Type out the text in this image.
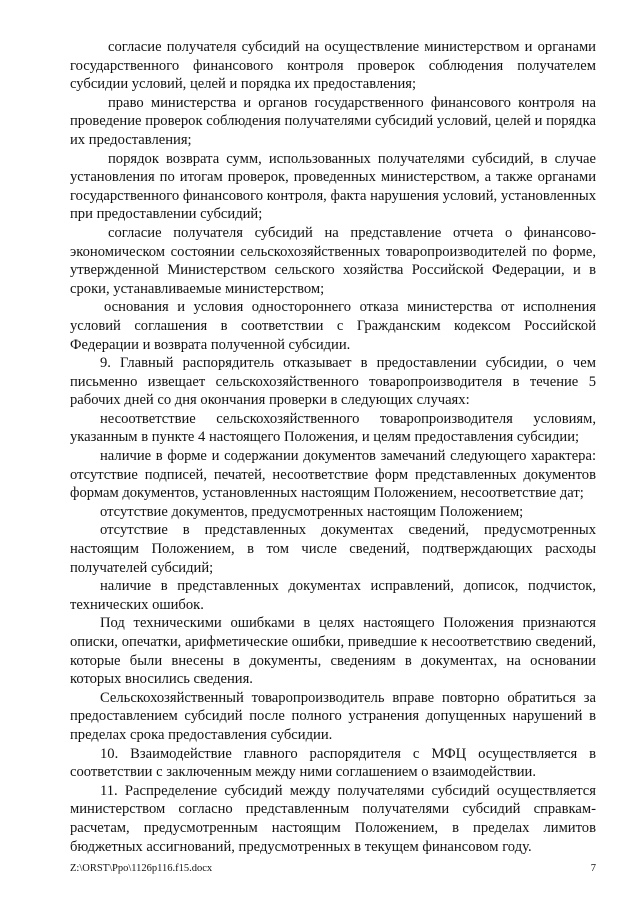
согласие получателя субсидий на осуществление министерством и органами государственного финансового контроля проверок соблюдения получателем субсидии условий, целей и порядка их предоставления;

право министерства и органов государственного финансового контроля на проведение проверок соблюдения получателями субсидий условий, целей и порядка их предоставления;

порядок возврата сумм, использованных получателями субсидий, в случае установления по итогам проверок, проведенных министерством, а также органами государственного финансового контроля, факта нарушения условий, установленных при предоставлении субсидий;

согласие получателя субсидий на представление отчета о финансово-экономическом состоянии сельскохозяйственных товаропроизводителей по форме, утвержденной Министерством сельского хозяйства Российской Федерации, и в сроки, устанавливаемые министерством;

основания и условия одностороннего отказа министерства от исполнения условий соглашения в соответствии с Гражданским кодексом Российской Федерации и возврата полученной субсидии.

9. Главный распорядитель отказывает в предоставлении субсидии, о чем письменно извещает сельскохозяйственного товаропроизводителя в течение 5 рабочих дней со дня окончания проверки в следующих случаях:

несоответствие сельскохозяйственного товаропроизводителя условиям, указанным в пункте 4 настоящего Положения, и целям предоставления субсидии;

наличие в форме и содержании документов замечаний следующего характера: отсутствие подписей, печатей, несоответствие форм представленных документов формам документов, установленных настоящим Положением, несоответствие дат;

отсутствие документов, предусмотренных настоящим Положением;

отсутствие в представленных документах сведений, предусмотренных настоящим Положением, в том числе сведений, подтверждающих расходы получателей субсидий;

наличие в представленных документах исправлений, дописок, подчисток, технических ошибок.

Под техническими ошибками в целях настоящего Положения признаются описки, опечатки, арифметические ошибки, приведшие к несоответствию сведений, которые были внесены в документы, сведениям в документах, на основании которых вносились сведения.

Сельскохозяйственный товаропроизводитель вправе повторно обратиться за предоставлением субсидий после полного устранения допущенных нарушений в пределах срока предоставления субсидии.

10. Взаимодействие главного распорядителя с МФЦ осуществляется в соответствии с заключенным между ними соглашением о взаимодействии.

11. Распределение субсидий между получателями субсидий осуществляется министерством согласно представленным получателями субсидий справкам-расчетам, предусмотренным настоящим Положением, в пределах лимитов бюджетных ассигнований, предусмотренных в текущем финансовом году.

Z:\ORST\Ppo\1126p116.f15.docx	7
